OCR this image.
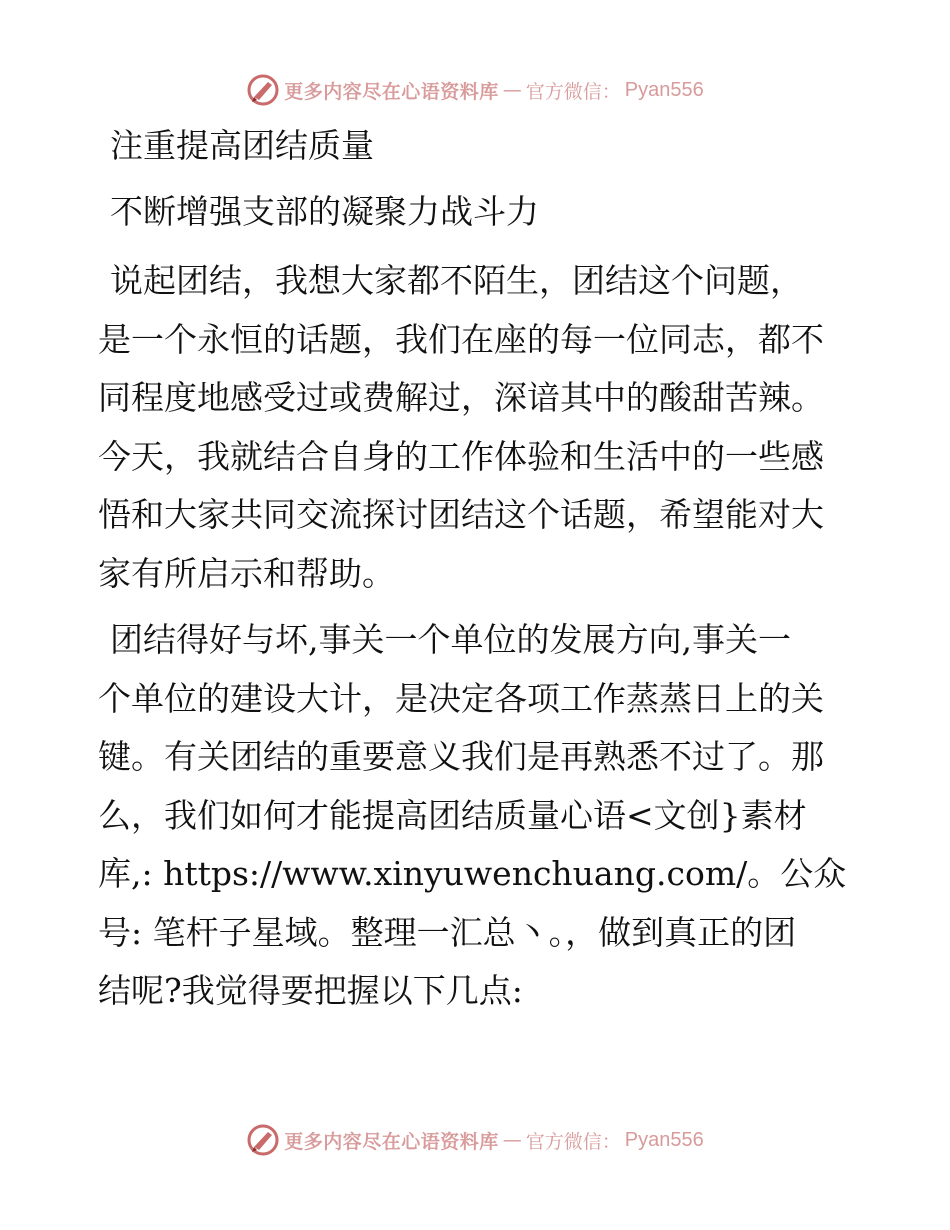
更多内容尽在心语资料库 — 官方微信： Pyan556
注重提高团结质量
不断增强支部的凝聚力战斗力
说起团结，我想大家都不陌生，团结这个问题，
是一个永恒的话题，我们在座的每一位同志，都不
同程度地感受过或费解过，深谙其中的酸甜苦辣。
今天，我就结合自身的工作体验和生活中的一些感
悟和大家共同交流探讨团结这个话题，希望能对大
家有所启示和帮助。
团结得好与坏,事关一个单位的发展方向,事关一
个单位的建设大计，是决定各项工作蒸蒸日上的关
键。有关团结的重要意义我们是再熟悉不过了。那
么，我们如何才能提高团结质量心语<文创}素材
库,: https://www.xinyuwenchuang.com/。公众
号: 笔杆子星域。整理一汇总丶。，做到真正的团
结呢?我觉得要把握以下几点:
更多内容尽在心语资料库 — 官方微信： Pyan556
